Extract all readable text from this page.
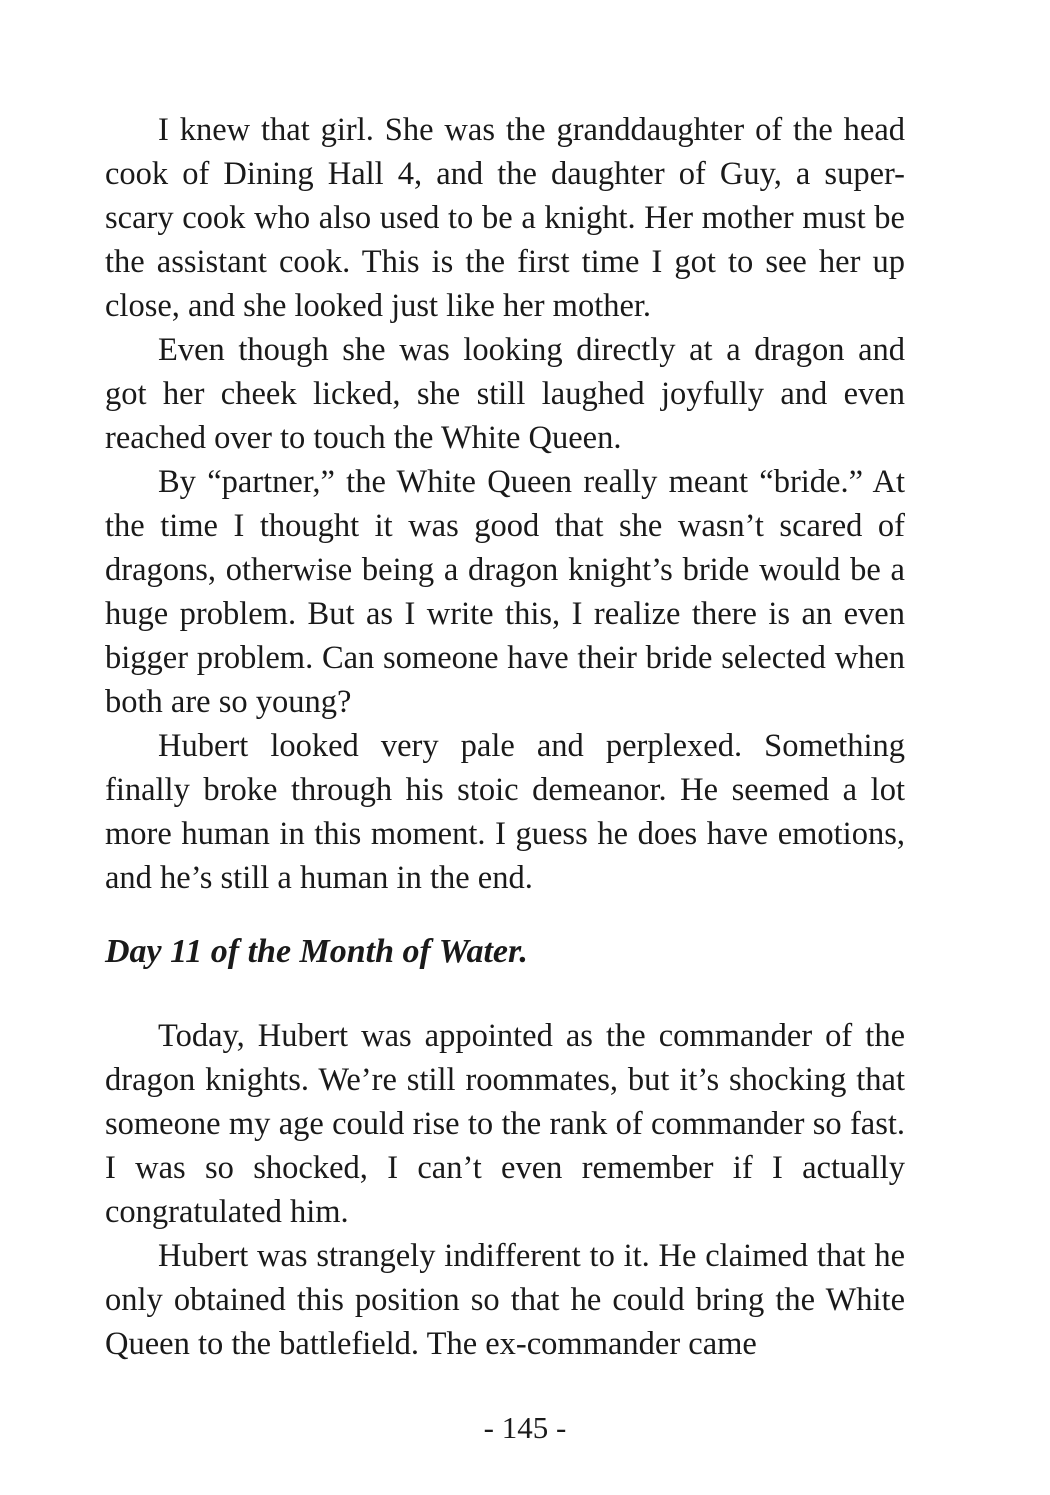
I knew that girl. She was the granddaughter of the head cook of Dining Hall 4, and the daughter of Guy, a super-scary cook who also used to be a knight. Her mother must be the assistant cook. This is the first time I got to see her up close, and she looked just like her mother.

Even though she was looking directly at a dragon and got her cheek licked, she still laughed joyfully and even reached over to touch the White Queen.

By “partner,” the White Queen really meant “bride.” At the time I thought it was good that she wasn’t scared of dragons, otherwise being a dragon knight’s bride would be a huge problem. But as I write this, I realize there is an even bigger problem. Can someone have their bride selected when both are so young?

Hubert looked very pale and perplexed. Something finally broke through his stoic demeanor. He seemed a lot more human in this moment. I guess he does have emotions, and he’s still a human in the end.

Day 11 of the Month of Water.

Today, Hubert was appointed as the commander of the dragon knights. We’re still roommates, but it’s shocking that someone my age could rise to the rank of commander so fast. I was so shocked, I can’t even remember if I actually congratulated him.

Hubert was strangely indifferent to it. He claimed that he only obtained this position so that he could bring the White Queen to the battlefield. The ex-commander came

- 145 -
